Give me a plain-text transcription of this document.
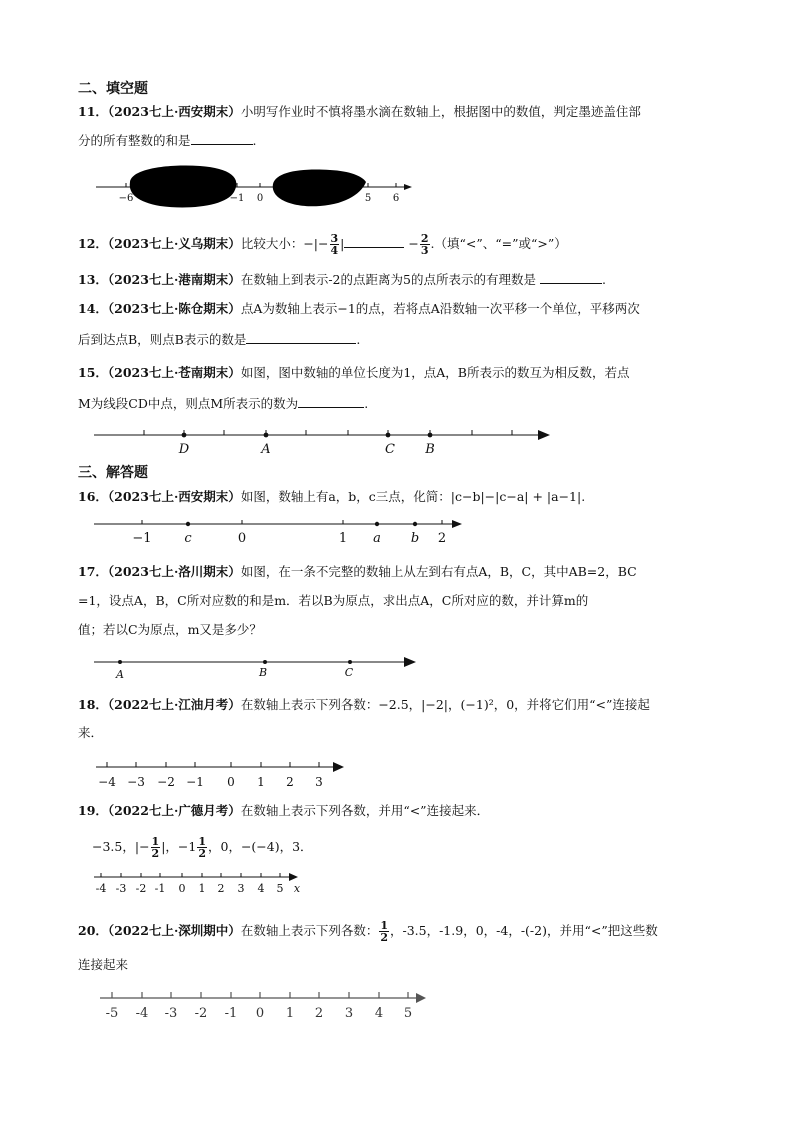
二、填空题
11．（2023七上·西安期末）小明写作业时不慎将墨水滴在数轴上，根据图中的数值，判定墨迹盖住部
分的所有整数的和是	.
−6	−1 0	5 6
12．（2023七上·义乌期末）比较大小：−|− $\frac{3}{4}$ |	− $\frac{2}{3}$ .（填“<”、“=”或“>”）
13．（2023七上·港南期末）在数轴上到表示-2的点距离为5的点所表示的有理数是	.
14．（2023七上·陈仓期末）点A为数轴上表示−1的点，若将点A沿数轴一次平移一个单位，平移两次
后到达点B，则点B表示的数是	.
15．（2023七上·苍南期末）如图，图中数轴的单位长度为1，点A，B所表示的数互为相反数，若点
M为线段CD中点，则点M所表示的数为	.
D	A	C B
三、解答题
16．（2023七上·西安期末）如图，数轴上有a，b，c三点，化简：|c−b|−|c−a| + |a−1|.
−1	c	0	1 a b 2
17．（2023七上·洛川期末）如图，在一条不完整的数轴上从左到右有点A，B，C，其中AB=2，BC
=1，设点A，B，C所对应数的和是m．若以B为原点，求出点A，C所对应的数，并计算m的
值；若以C为原点，m又是多少？
A	B	C
18．（2022七上·江油月考）在数轴上表示下列各数：−2.5，|−2|，(−1)²，0，并将它们用“<”连接起
来．
−4 −3 −2 −1 0 1 2 3
19．（2022七上·广德月考）在数轴上表示下列各数，并用“<”连接起来．
−3.5，|− $\frac{1}{2}$ |，$-1 \frac{1}{2}$ ，0，−(−4)，3．
-4 -3 -2 -1 0 1 2 3 4 5 x
20．（2022七上·深圳期中）在数轴上表示下列各数： $\frac{1}{2}$ ，-3.5，-1.9，0，-4，-(-2)，并用“<”把这些数
连接起来
-5 -4 -3 -2 -1 0 1 2 3 4 5
